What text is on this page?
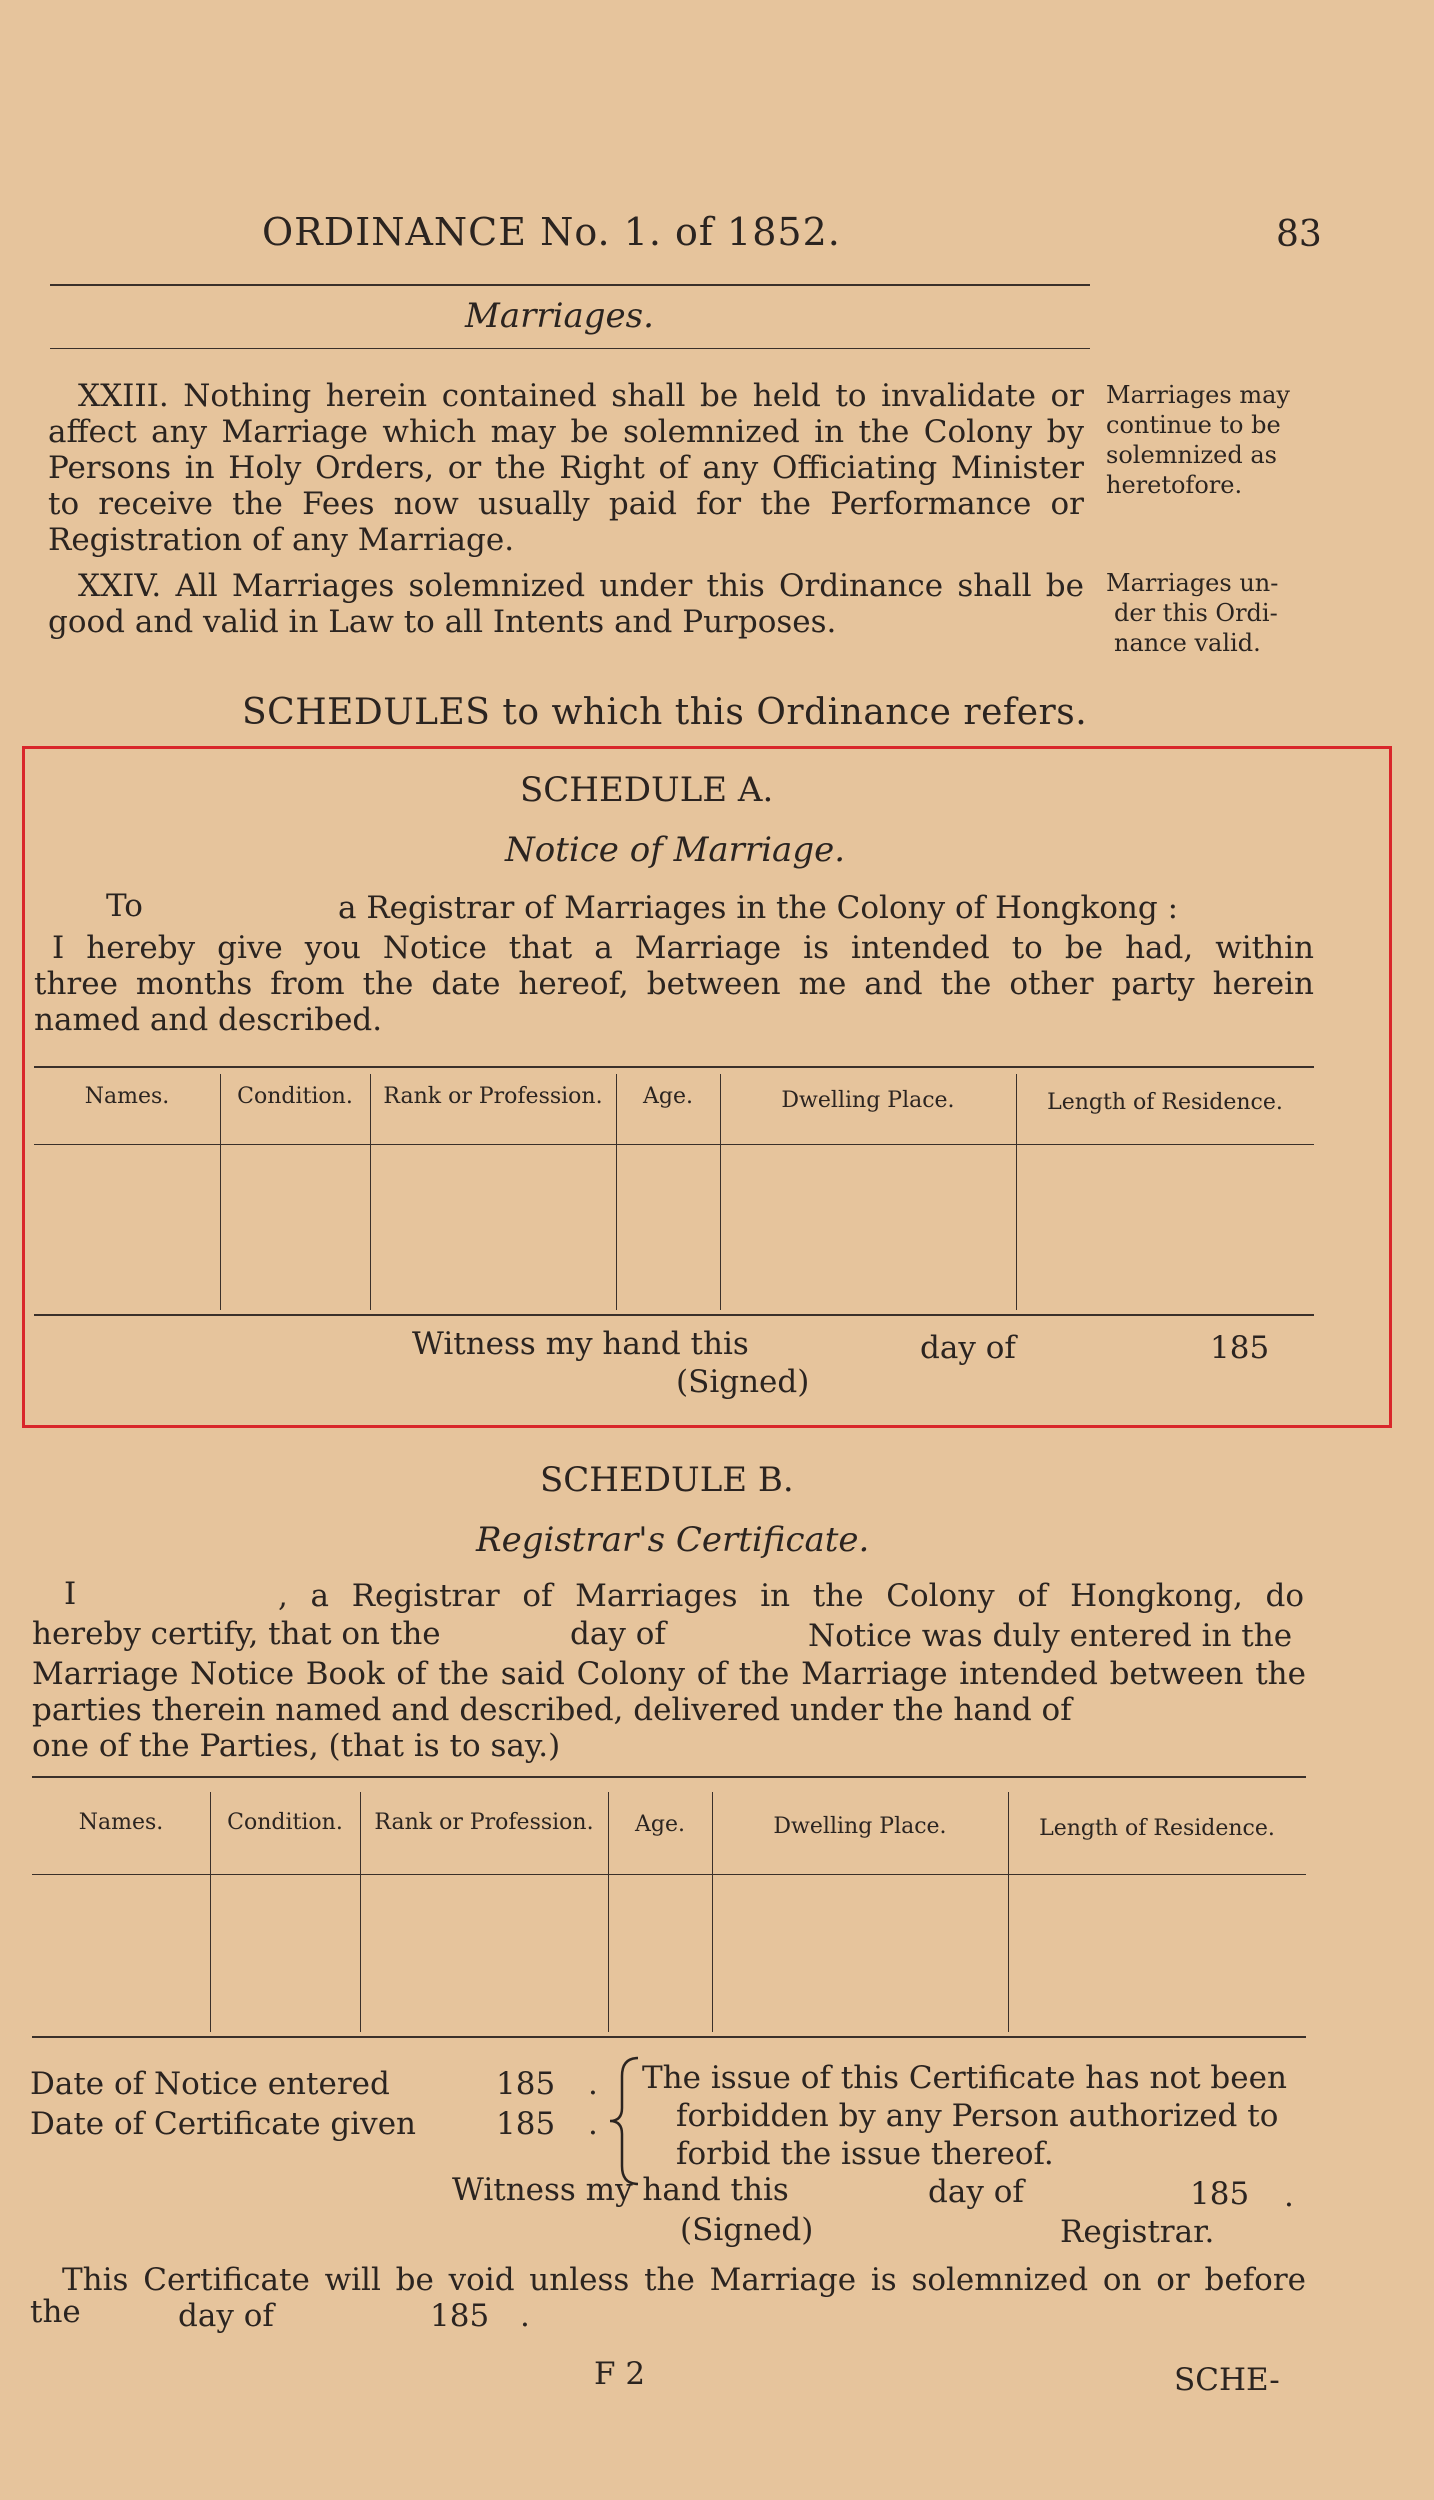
ORDINANCE No. 1. of 1852.	83
Marriages.
XXIII. Nothing herein contained shall be held to invalidate or
affect any Marriage which may be solemnized in the Colony by
Persons in Holy Orders, or the Right of any Officiating Minister
to receive the Fees now usually paid for the Performance or
Registration of any Marriage.
Marriages may
continue to be
solemnized as
heretofore.
XXIV. All Marriages solemnized under this Ordinance shall be
good and valid in Law to all Intents and Purposes.
Marriages un-
der this Ordi-
nance valid.
SCHEDULES to which this Ordinance refers.
SCHEDULE A.
Notice of Marriage.
To	a Registrar of Marriages in the Colony of Hongkong :
I hereby give you Notice that a Marriage is intended to be had, within
three months from the date hereof, between me and the other party herein
named and described.
Names.	Condition.	Rank or Profession.	Age.	Dwelling Place.	Length of Residence.
Witness my hand this	day of	185
(Signed)
SCHEDULE B.
Registrar's Certificate.
I	, a Registrar of Marriages in the Colony of Hongkong, do
hereby certify, that on the	day of	Notice was duly entered in the
Marriage Notice Book of the said Colony of the Marriage intended between the
parties therein named and described, delivered under the hand of
one of the Parties, (that is to say.)
Names.	Condition.	Rank or Profession.	Age.	Dwelling Place.	Length of Residence.
Date of Notice entered	185 .
Date of Certificate given	185 .
The issue of this Certificate has not been
forbidden by any Person authorized to
forbid the issue thereof.
Witness my hand this	day of	185 .
(Signed)	Registrar.
This Certificate will be void unless the Marriage is solemnized on or before
the	day of	185 .
F 2	SCHE-
